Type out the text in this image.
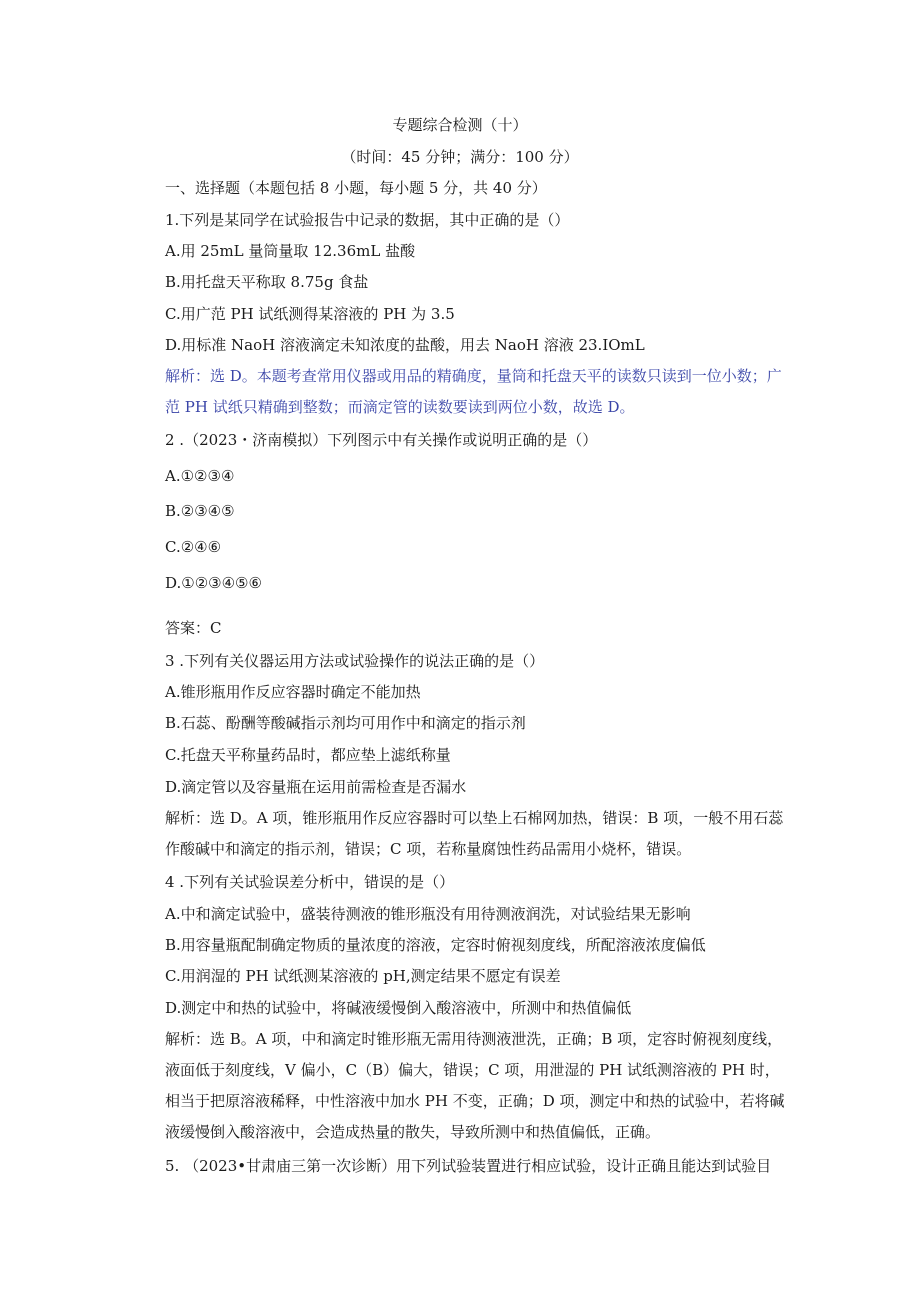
专题综合检测（十）
（时间：45 分钟；满分：100 分）
一、选择题（本题包括 8 小题，每小题 5 分，共 40 分）
1.下列是某同学在试验报告中记录的数据，其中正确的是（）
A.用 25mL 量筒量取 12.36mL 盐酸
B.用托盘天平称取 8.75g 食盐
C.用广范 PH 试纸测得某溶液的 PH 为 3.5
D.用标准 NaoH 溶液滴定未知浓度的盐酸，用去 NaoH 溶液 23.IOmL
解析：选 D。本题考查常用仪器或用品的精确度，量筒和托盘天平的读数只读到一位小数；广范 PH 试纸只精确到整数；而滴定管的读数要读到两位小数，故选 D。
2 .（2023・济南模拟）下列图示中有关操作或说明正确的是（）
A.①②③④
B.②③④⑤
C.②④⑥
D.①②③④⑤⑥
答案：C
3 .下列有关仪器运用方法或试验操作的说法正确的是（）
A.锥形瓶用作反应容器时确定不能加热
B.石蕊、酚酬等酸碱指示剂均可用作中和滴定的指示剂
C.托盘天平称量药品时，都应垫上滤纸称量
D.滴定管以及容量瓶在运用前需检查是否漏水
解析：选 D。A 项，锥形瓶用作反应容器时可以垫上石棉网加热，错误：B 项，一般不用石蕊作酸碱中和滴定的指示剂，错误；C 项，若称量腐蚀性药品需用小烧杯，错误。
4 .下列有关试验误差分析中，错误的是（）
A.中和滴定试验中，盛装待测液的锥形瓶没有用待测液润洗，对试验结果无影响
B.用容量瓶配制确定物质的量浓度的溶液，定容时俯视刻度线，所配溶液浓度偏低
C.用润湿的 PH 试纸测某溶液的 pH,测定结果不愿定有误差
D.测定中和热的试验中，将碱液缓慢倒入酸溶液中，所测中和热值偏低
解析：选 B。A 项，中和滴定时锥形瓶无需用待测液泄洗，正确；B 项，定容时俯视刻度线，液面低于刻度线，V 偏小，C（B）偏大，错误；C 项，用泄湿的 PH 试纸测溶液的 PH 时，相当于把原溶液稀释，中性溶液中加水 PH 不变，正确；D 项，测定中和热的试验中，若将碱液缓慢倒入酸溶液中，会造成热量的散失，导致所测中和热值偏低，正确。
5. （2023•甘肃庙三第一次诊断）用下列试验装置进行相应试验，设计正确且能达到试验目
